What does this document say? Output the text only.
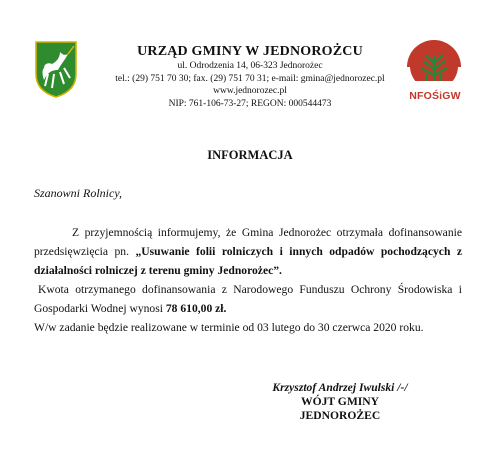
NFOŚiGW
URZĄD GMINY W JEDNOROŻCU
ul. Odrodzenia 14, 06-323 Jednorożec
tel.: (29) 751 70 30; fax. (29) 751 70 31; e-mail: gmina@jednorozec.pl
www.jednorozec.pl
NIP: 761-106-73-27; REGON: 000544473
INFORMACJA
Szanowni Rolnicy,

Z przyjemnością informujemy, że Gmina Jednorożec otrzymała dofinansowanie przedsięwzięcia pn. „Usuwanie folii rolniczych i innych odpadów pochodzących z działalności rolniczej z terenu gminy Jednorożec”.

Kwota otrzymanego dofinansowania z Narodowego Funduszu Ochrony Środowiska i Gospodarki Wodnej wynosi 78 610,00 zł.

W/w zadanie będzie realizowane w terminie od 03 lutego do 30 czerwca 2020 roku.

Krzysztof Andrzej Iwulski /-/
WÓJT GMINY JEDNOROŻEC
